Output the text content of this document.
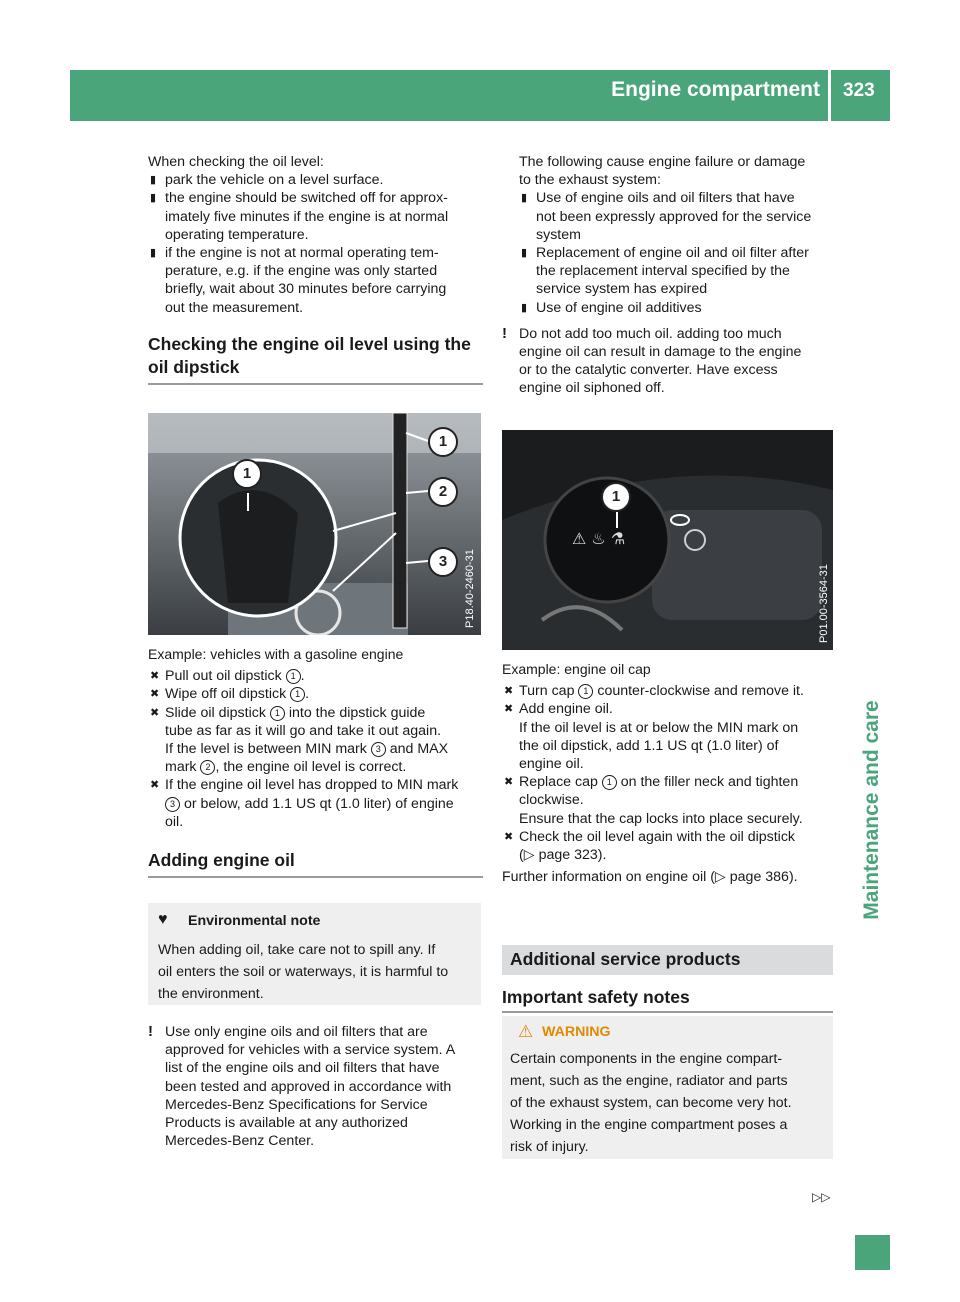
Engine compartment 323
Maintenance and care

When checking the oil level:

▮ park the vehicle on a level surface.
▮ the engine should be switched off for approx-
imately five minutes if the engine is at normal
operating temperature.
▮ if the engine is not at normal operating tem-
perature, e.g. if the engine was only started
briefly, wait about 30 minutes before carrying
out the measurement.
Checking the engine oil level using the
oil dipstick
1
1
2
3	P18.40-2460-31

Example: vehicles with a gasoline engine

✖ Pull out oil dipstick 1 .
✖ Wipe off oil dipstick 1 .
✖ Slide oil dipstick 1 into the dipstick guide
tube as far as it will go and take it out again.
If the level is between MIN mark 3 and MAX
mark 2 , the engine oil level is correct.
✖ If the engine oil level has dropped to MIN mark
3 or below, add 1.1 US qt (1.0 liter) of engine
oil.
Adding engine oil
♥ Environmental note
When adding oil, take care not to spill any. If
oil enters the soil or waterways, it is harmful to
the environment.
! Use only engine oils and oil filters that are
approved for vehicles with a service system. A
list of the engine oils and oil filters that have
been tested and approved in accordance with
Mercedes-Benz Specifications for Service
Products is available at any authorized
Mercedes-Benz Center.

The following cause engine failure or damage
to the exhaust system:

▮ Use of engine oils and oil filters that have
not been expressly approved for the service
system
▮ Replacement of engine oil and oil filter after
the replacement interval specified by the
service system has expired
▮ Use of engine oil additives
! Do not add too much oil. adding too much
engine oil can result in damage to the engine
or to the catalytic converter. Have excess
engine oil siphoned off.
⚠ ♨ ⚗
1
P01.00-3564-31

Example: engine oil cap

✖ Turn cap 1 counter-clockwise and remove it.
✖ Add engine oil.
If the oil level is at or below the MIN mark on
the oil dipstick, add 1.1 US qt (1.0 liter) of
engine oil.
✖ Replace cap 1 on the filler neck and tighten
clockwise.
Ensure that the cap locks into place securely.
✖ Check the oil level again with the oil dipstick
(▷ page 323).

Further information on engine oil (▷ page 386).

Additional service products
Important safety notes
⚠ WARNING
Certain components in the engine compart-
ment, such as the engine, radiator and parts
of the exhaust system, can become very hot.
Working in the engine compartment poses a
risk of injury.
▷▷
